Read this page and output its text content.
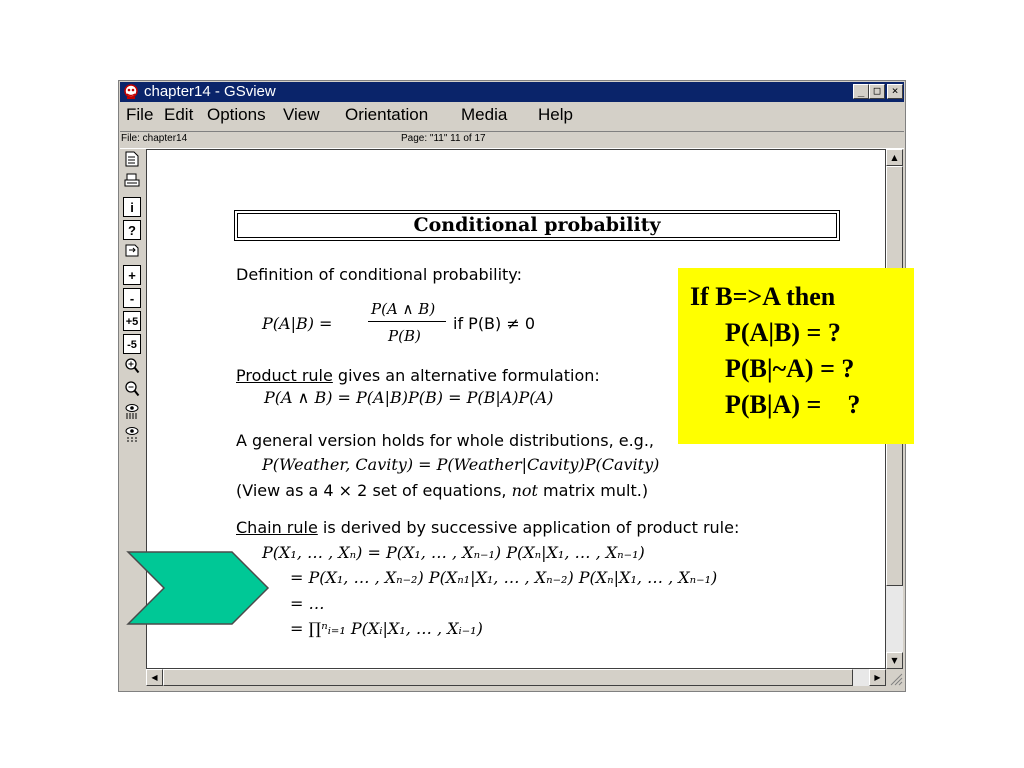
chapter14 - GSview	_ □	×
File Edit Options View Orientation Media Help
File: chapter14	Page: "11" 11 of 17
i
?
+
-
+5
-5
▲
▼
◀	▶
Conditional probability
Definition of conditional probability:
P(A|B) =
P(A ∧ B)
P(B)
if P(B) ≠ 0
Product rule gives an alternative formulation:
P(A ∧ B) = P(A|B)P(B) = P(B|A)P(A)
A general version holds for whole distributions, e.g.,
P(Weather, Cavity) = P(Weather|Cavity)P(Cavity)
(View as a 4 × 2 set of equations, not matrix mult.)
Chain rule is derived by successive application of product rule:
P(X₁, … , Xₙ) = P(X₁, … , Xₙ₋₁) P(Xₙ|X₁, … , Xₙ₋₁)
= P(X₁, … , Xₙ₋₂) P(Xₙ₁|X₁, … , Xₙ₋₂) P(Xₙ|X₁, … , Xₙ₋₁)
= …
= ∏ⁿᵢ₌₁ P(Xᵢ|X₁, … , Xᵢ₋₁)
If B=>A then
P(A|B) = ?
P(B|~A) = ?
P(B|A) =    ?
